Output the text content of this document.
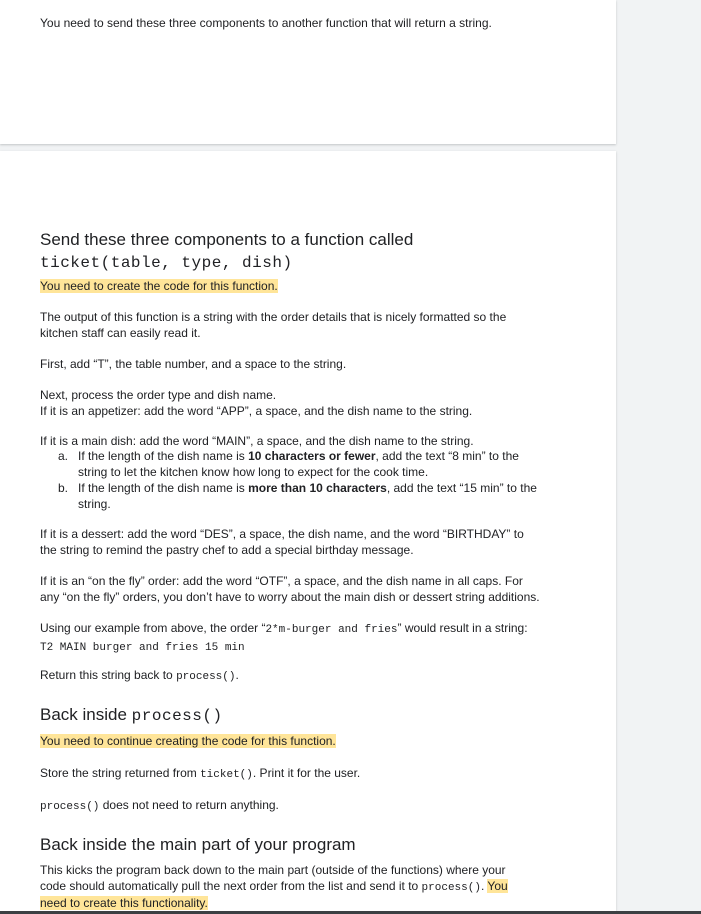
You need to send these three components to another function that will return a string.

Send these three components to a function called
ticket(table, type, dish)

You need to create the code for this function.

The output of this function is a string with the order details that is nicely formatted so the kitchen staff can easily read it.

First, add “T”, the table number, and a space to the string.

Next, process the order type and dish name.
If it is an appetizer: add the word “APP”, a space, and the dish name to the string.

If it is a main dish: add the word “MAIN”, a space, and the dish name to the string.

a. If the length of the dish name is 10 characters or fewer, add the text “8 min” to the string to let the kitchen know how long to expect for the cook time.
b. If the length of the dish name is more than 10 characters, add the text “15 min” to the string.

If it is a dessert: add the word “DES”, a space, the dish name, and the word “BIRTHDAY” to the string to remind the pastry chef to add a special birthday message.

If it is an “on the fly” order: add the word “OTF”, a space, and the dish name in all caps. For any “on the fly” orders, you don’t have to worry about the main dish or dessert string additions.

Using our example from above, the order “2*m-burger and fries” would result in a string:
T2 MAIN burger and fries 15 min

Return this string back to process().

Back inside process()

You need to continue creating the code for this function.

Store the string returned from ticket(). Print it for the user.

process() does not need to return anything.

Back inside the main part of your program

This kicks the program back down to the main part (outside of the functions) where your code should automatically pull the next order from the list and send it to process(). You need to create this functionality.
